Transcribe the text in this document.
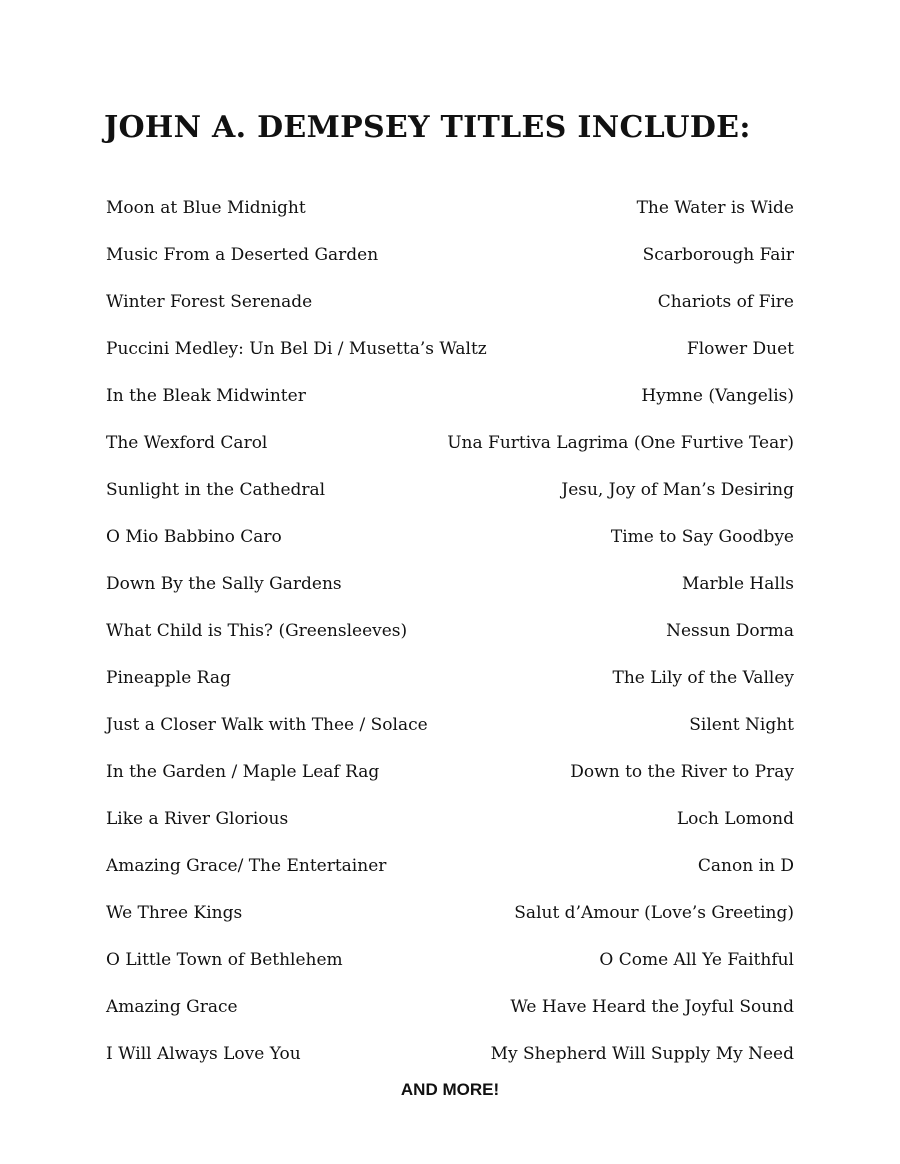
JOHN A. DEMPSEY TITLES INCLUDE:
Moon at Blue Midnight	The Water is Wide
Music From a Deserted Garden	Scarborough Fair
Winter Forest Serenade	Chariots of Fire
Puccini Medley: Un Bel Di / Musetta’s Waltz	Flower Duet
In the Bleak Midwinter	Hymne (Vangelis)
The Wexford Carol	Una Furtiva Lagrima (One Furtive Tear)
Sunlight in the Cathedral	Jesu, Joy of Man’s Desiring
O Mio Babbino Caro	Time to Say Goodbye
Down By the Sally Gardens	Marble Halls
What Child is This? (Greensleeves)	Nessun Dorma
Pineapple Rag	The Lily of the Valley
Just a Closer Walk with Thee / Solace	Silent Night
In the Garden / Maple Leaf Rag	Down to the River to Pray
Like a River Glorious	Loch Lomond
Amazing Grace/ The Entertainer	Canon in D
We Three Kings	Salut d’Amour (Love’s Greeting)
O Little Town of Bethlehem	O Come All Ye Faithful
Amazing Grace	We Have Heard the Joyful Sound
I Will Always Love You	My Shepherd Will Supply My Need
AND MORE!
